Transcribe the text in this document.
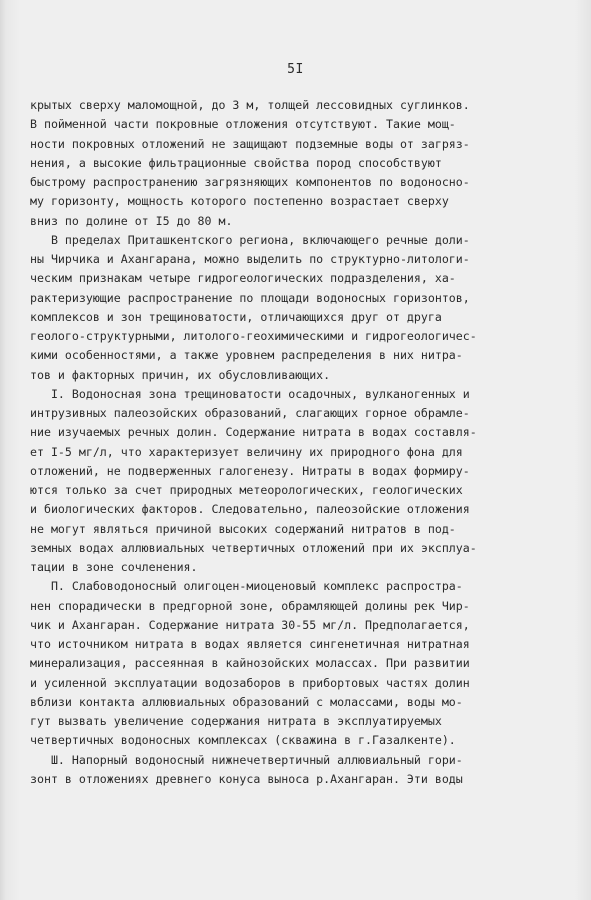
5I
крытых сверху маломощной, до 3 м, толщей лессовидных суглинков.
В пойменной части покровные отложения отсутствуют. Такие мощ-
ности покровных отложений не защищают подземные воды от загряз-
нения, а высокие фильтрационные свойства пород способствуют
быстрому распространению загрязняющих компонентов по водоносно-
му горизонту, мощность которого постепенно возрастает сверху
вниз по долине от I5 до 80 м.
В пределах Приташкентского региона, включающего речные доли-
ны Чирчика и Ахангарана, можно выделить по структурно-литологи-
ческим признакам четыре гидрогеологических подразделения, ха-
рактеризующие распространение по площади водоносных горизонтов,
комплексов и зон трещиноватости, отличающихся друг от друга
геолого-структурными, литолого-геохимическими и гидрогеологичес-
кими особенностями, а также уровнем распределения в них нитра-
тов и факторных причин, их обусловливающих.
I. Водоносная зона трещиноватости осадочных, вулканогенных и
интрузивных палеозойских образований, слагающих горное обрамле-
ние изучаемых речных долин. Содержание нитрата в водах составля-
ет I-5 мг/л, что характеризует величину их природного фона для
отложений, не подверженных галогенезу. Нитраты в водах формиру-
ются только за счет природных метеорологических, геологических
и биологических факторов. Следовательно, палеозойские отложения
не могут являться причиной высоких содержаний нитратов в под-
земных водах аллювиальных четвертичных отложений при их эксплуа-
тации в зоне сочленения.
П. Слабоводоносный олигоцен-миоценовый комплекс распростра-
нен спорадически в предгорной зоне, обрамляющей долины рек Чир-
чик и Ахангаран. Содержание нитрата 30-55 мг/л. Предполагается,
что источником нитрата в водах является сингенетичная нитратная
минерализация, рассеянная в кайнозойских молассах. При развитии
и усиленной эксплуатации водозаборов в прибортовых частях долин
вблизи контакта аллювиальных образований с молассами, воды мо-
гут вызвать увеличение содержания нитрата в эксплуатируемых
четвертичных водоносных комплексах (скважина в г.Газалкенте).
Ш. Напорный водоносный нижнечетвертичный аллювиальный гори-
зонт в отложениях древнего конуса выноса р.Ахангаран. Эти воды
